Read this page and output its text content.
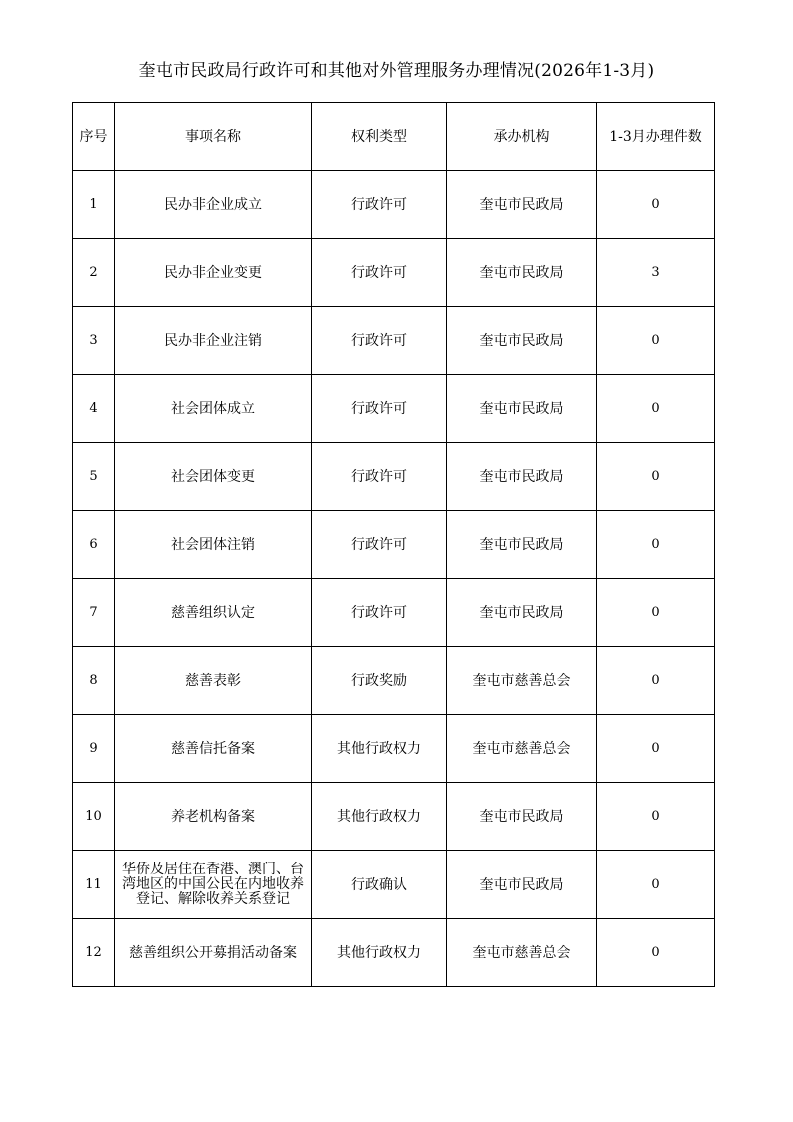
奎屯市民政局行政许可和其他对外管理服务办理情况(2026年1-3月)
序号	事项名称	权利类型	承办机构	1-3月办理件数
1	民办非企业成立	行政许可	奎屯市民政局	0
2	民办非企业变更	行政许可	奎屯市民政局	3
3	民办非企业注销	行政许可	奎屯市民政局	0
4	社会团体成立	行政许可	奎屯市民政局	0
5	社会团体变更	行政许可	奎屯市民政局	0
6	社会团体注销	行政许可	奎屯市民政局	0
7	慈善组织认定	行政许可	奎屯市民政局	0
8	慈善表彰	行政奖励	奎屯市慈善总会	0
9	慈善信托备案	其他行政权力	奎屯市慈善总会	0
10	养老机构备案	其他行政权力	奎屯市民政局	0
11	华侨及居住在香港、澳门、台湾地区的中国公民在内地收养登记、解除收养关系登记	行政确认	奎屯市民政局	0
12	慈善组织公开募捐活动备案	其他行政权力	奎屯市慈善总会	0
